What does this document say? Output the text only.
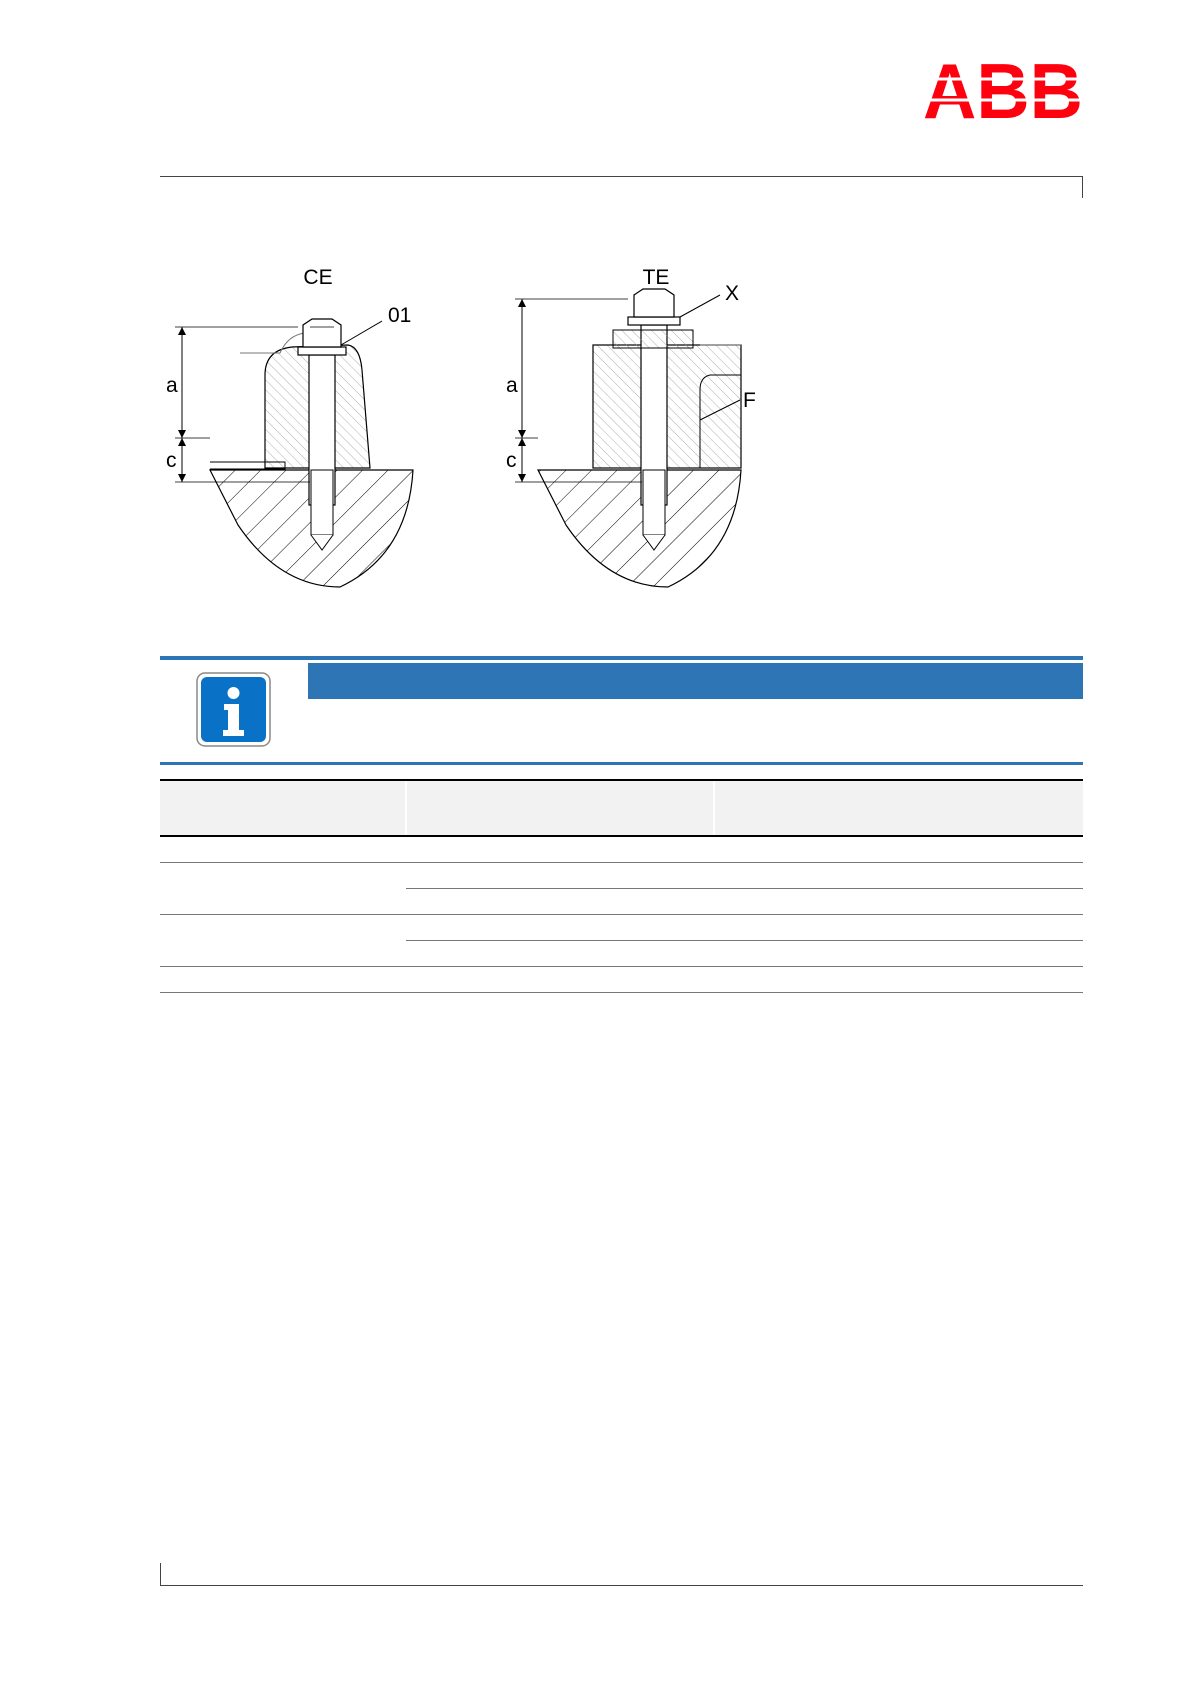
ABB
CE
a
c
01
TE
a
c
X
F
